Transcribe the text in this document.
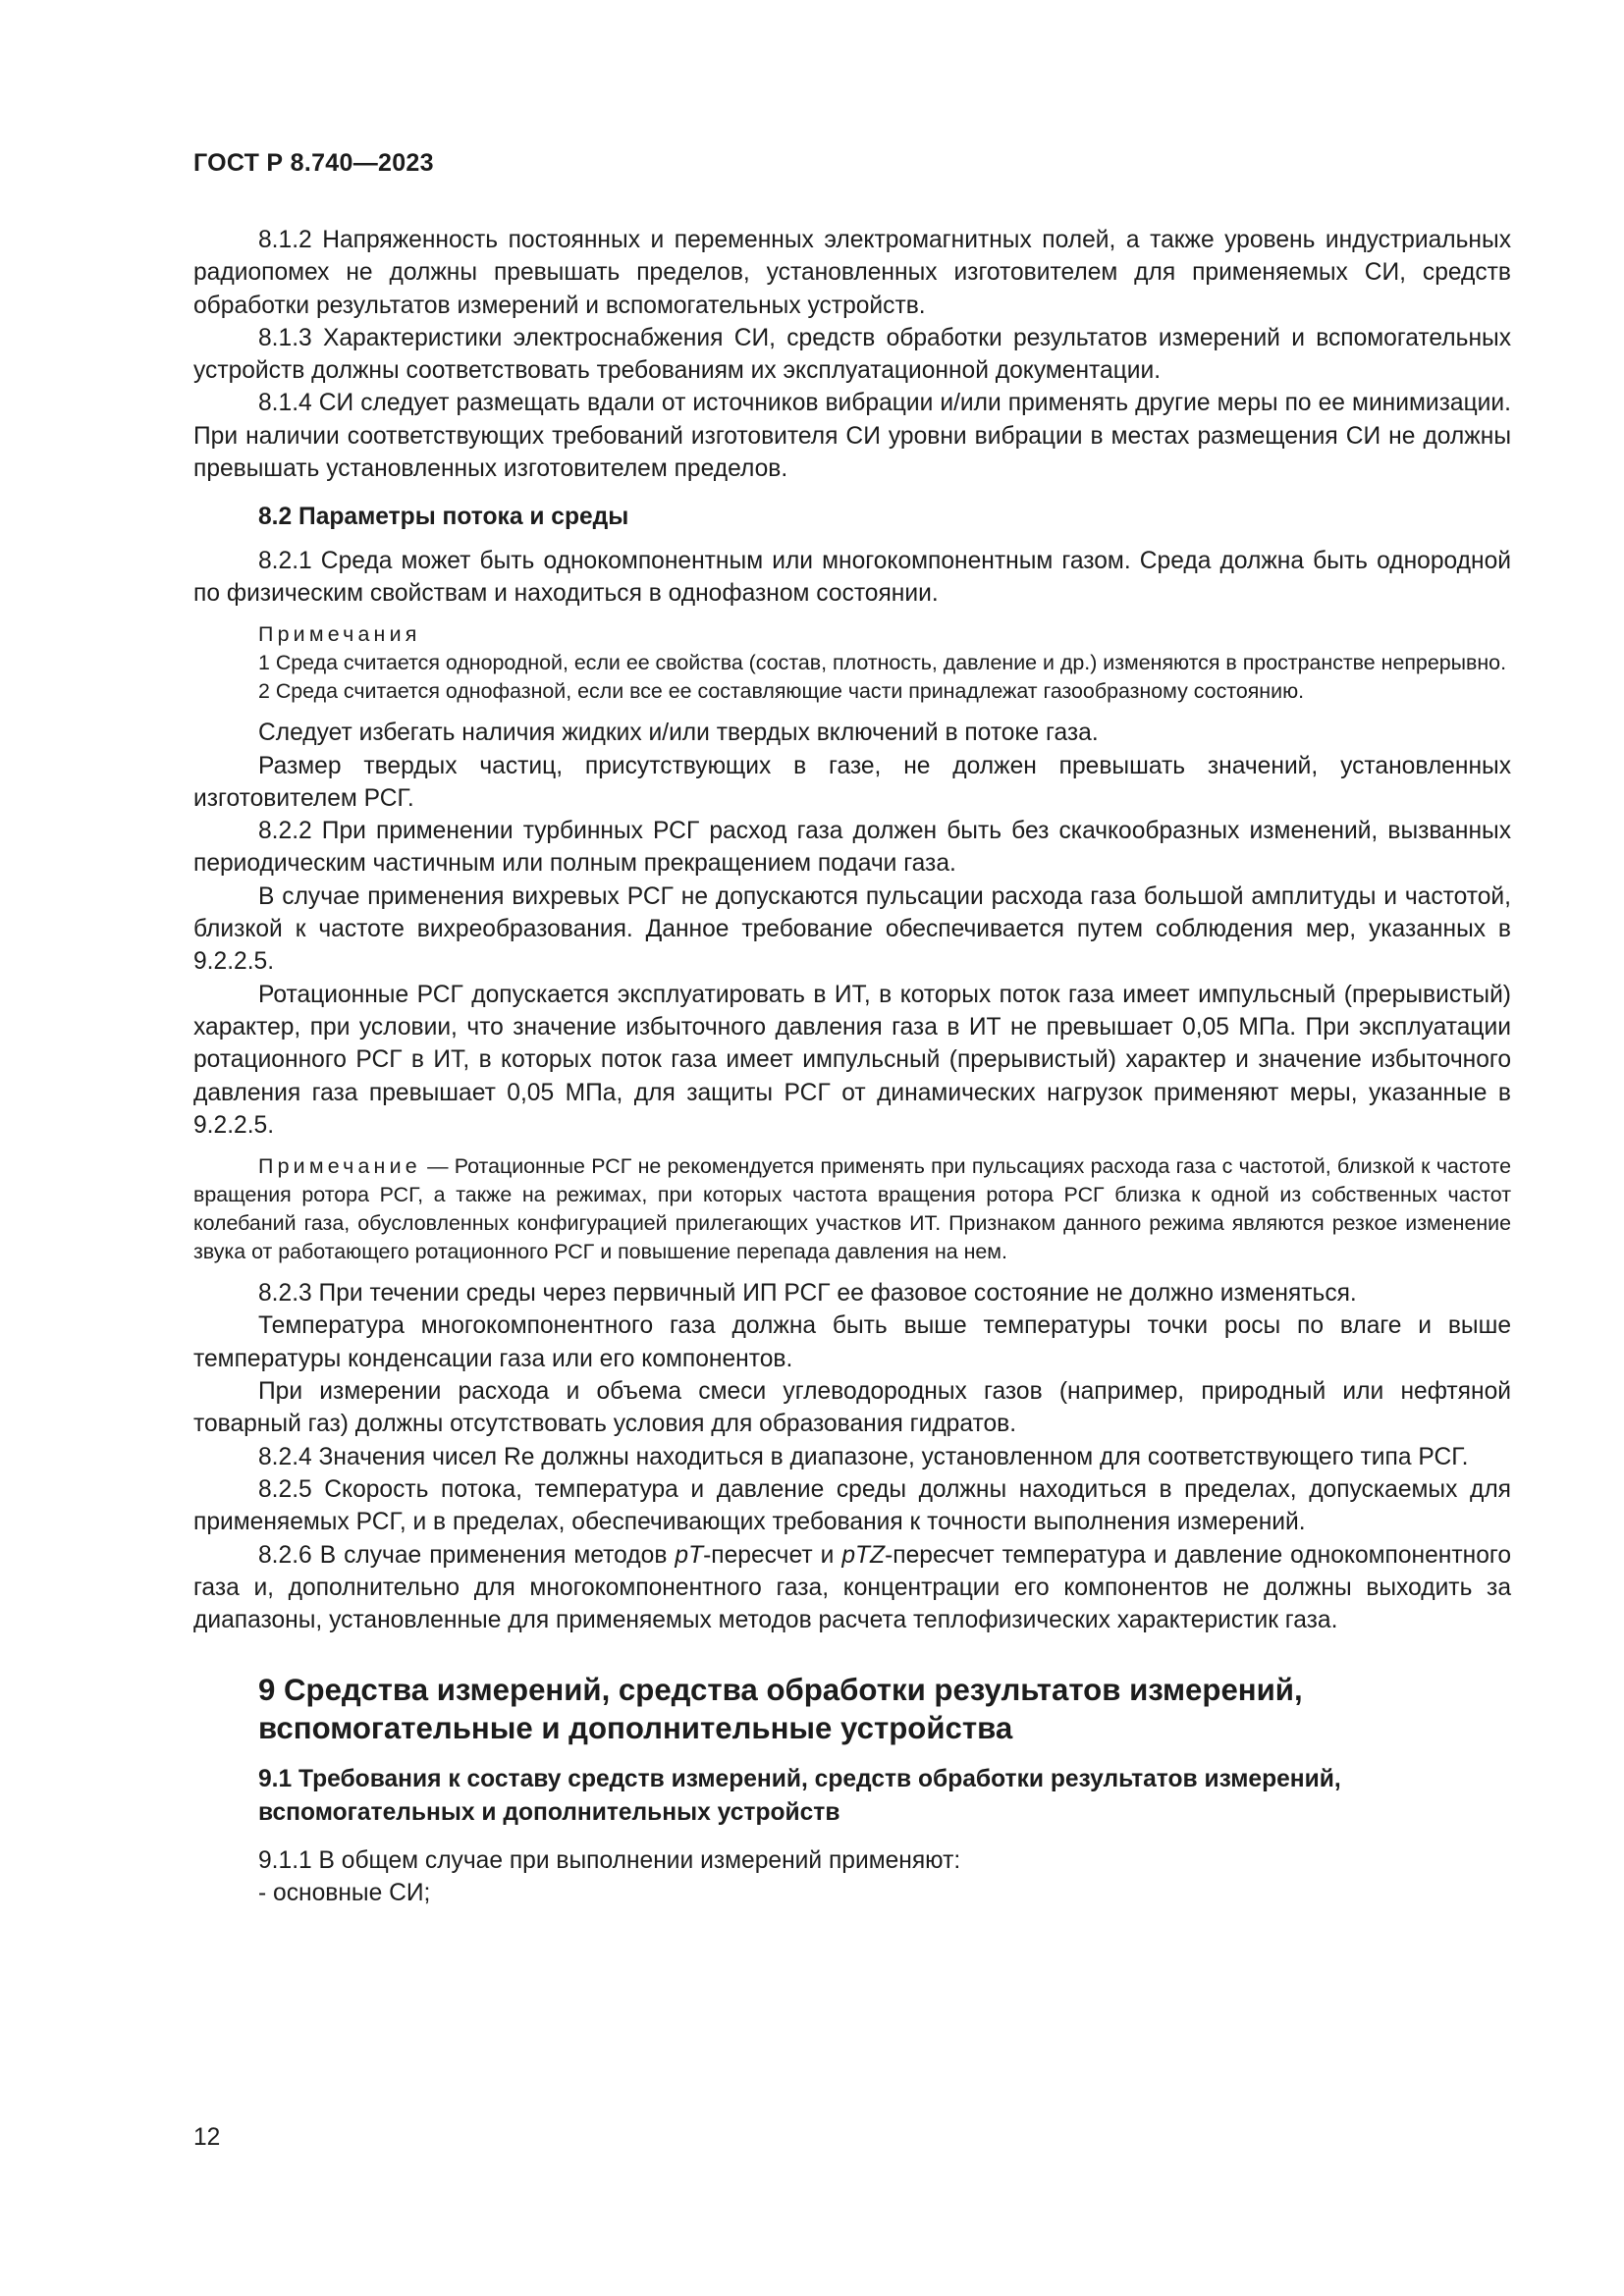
ГОСТ Р 8.740—2023

8.1.2 Напряженность постоянных и переменных электромагнитных полей, а также уровень индустриальных радиопомех не должны превышать пределов, установленных изготовителем для применяемых СИ, средств обработки результатов измерений и вспомогательных устройств.

8.1.3 Характеристики электроснабжения СИ, средств обработки результатов измерений и вспомогательных устройств должны соответствовать требованиям их эксплуатационной документации.

8.1.4 СИ следует размещать вдали от источников вибрации и/или применять другие меры по ее минимизации. При наличии соответствующих требований изготовителя СИ уровни вибрации в местах размещения СИ не должны превышать установленных изготовителем пределов.

8.2 Параметры потока и среды

8.2.1 Среда может быть однокомпонентным или многокомпонентным газом. Среда должна быть однородной по физическим свойствам и находиться в однофазном состоянии.

Примечания

1 Среда считается однородной, если ее свойства (состав, плотность, давление и др.) изменяются в пространстве непрерывно.

2 Среда считается однофазной, если все ее составляющие части принадлежат газообразному состоянию.

Следует избегать наличия жидких и/или твердых включений в потоке газа.

Размер твердых частиц, присутствующих в газе, не должен превышать значений, установленных изготовителем РСГ.

8.2.2 При применении турбинных РСГ расход газа должен быть без скачкообразных изменений, вызванных периодическим частичным или полным прекращением подачи газа.

В случае применения вихревых РСГ не допускаются пульсации расхода газа большой амплитуды и частотой, близкой к частоте вихреобразования. Данное требование обеспечивается путем соблюдения мер, указанных в 9.2.2.5.

Ротационные РСГ допускается эксплуатировать в ИТ, в которых поток газа имеет импульсный (прерывистый) характер, при условии, что значение избыточного давления газа в ИТ не превышает 0,05 МПа. При эксплуатации ротационного РСГ в ИТ, в которых поток газа имеет импульсный (прерывистый) характер и значение избыточного давления газа превышает 0,05 МПа, для защиты РСГ от динамических нагрузок применяют меры, указанные в 9.2.2.5.

Примечание — Ротационные РСГ не рекомендуется применять при пульсациях расхода газа с частотой, близкой к частоте вращения ротора РСГ, а также на режимах, при которых частота вращения ротора РСГ близка к одной из собственных частот колебаний газа, обусловленных конфигурацией прилегающих участков ИТ. Признаком данного режима являются резкое изменение звука от работающего ротационного РСГ и повышение перепада давления на нем.

8.2.3 При течении среды через первичный ИП РСГ ее фазовое состояние не должно изменяться.

Температура многокомпонентного газа должна быть выше температуры точки росы по влаге и выше температуры конденсации газа или его компонентов.

При измерении расхода и объема смеси углеводородных газов (например, природный или нефтяной товарный газ) должны отсутствовать условия для образования гидратов.

8.2.4 Значения чисел Re должны находиться в диапазоне, установленном для соответствующего типа РСГ.

8.2.5 Скорость потока, температура и давление среды должны находиться в пределах, допускаемых для применяемых РСГ, и в пределах, обеспечивающих требования к точности выполнения измерений.

8.2.6 В случае применения методов pT-пересчет и pTZ-пересчет температура и давление однокомпонентного газа и, дополнительно для многокомпонентного газа, концентрации его компонентов не должны выходить за диапазоны, установленные для применяемых методов расчета теплофизических характеристик газа.

9 Средства измерений, средства обработки результатов измерений, вспомогательные и дополнительные устройства

9.1 Требования к составу средств измерений, средств обработки результатов измерений, вспомогательных и дополнительных устройств

9.1.1 В общем случае при выполнении измерений применяют:

- основные СИ;

12
